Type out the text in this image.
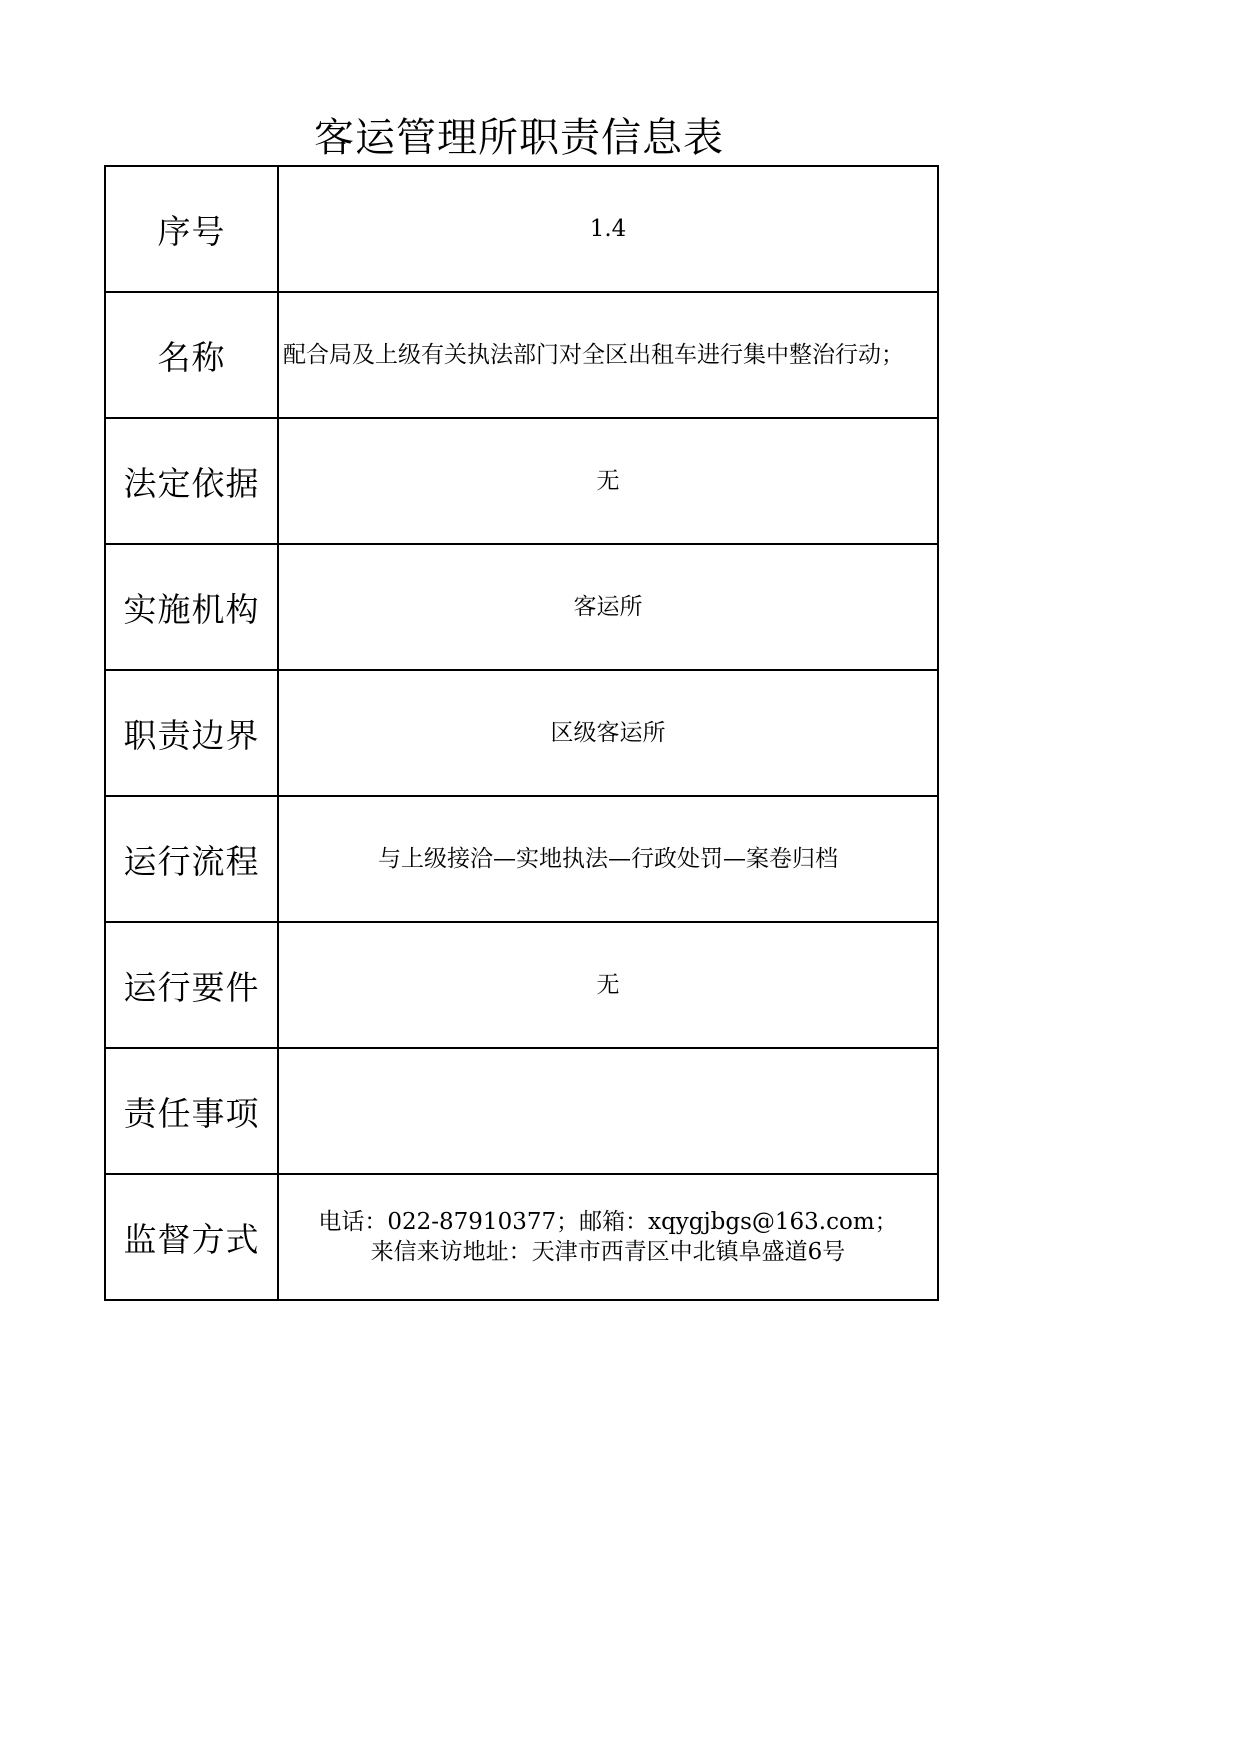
客运管理所职责信息表
序号	1.4
名称	配合局及上级有关执法部门对全区出租车进行集中整治行动；
法定依据	无
实施机构	客运所
职责边界	区级客运所
运行流程	与上级接洽—实地执法—行政处罚—案卷归档
运行要件	无
责任事项	
监督方式	电话：022-87910377；邮箱：xqygjbgs@163.com；
来信来访地址：天津市西青区中北镇阜盛道6号
